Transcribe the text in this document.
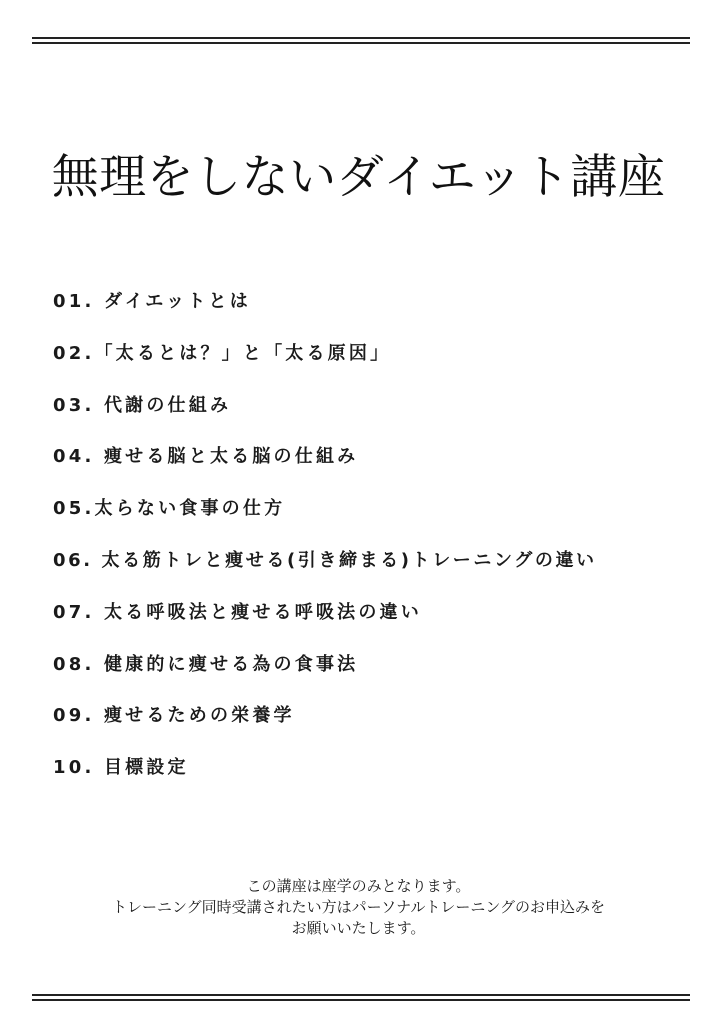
無理をしないダイエット講座
01. ダイエットとは
02.「太るとは？」と「太る原因」
03. 代謝の仕組み
04. 痩せる脳と太る脳の仕組み
05.太らない食事の仕方
06. 太る筋トレと痩せる(引き締まる)トレーニングの違い
07. 太る呼吸法と痩せる呼吸法の違い
08. 健康的に痩せる為の食事法
09. 痩せるための栄養学
10. 目標設定
この講座は座学のみとなります。
トレーニング同時受講されたい方はパーソナルトレーニングのお申込みを
お願いいたします。
